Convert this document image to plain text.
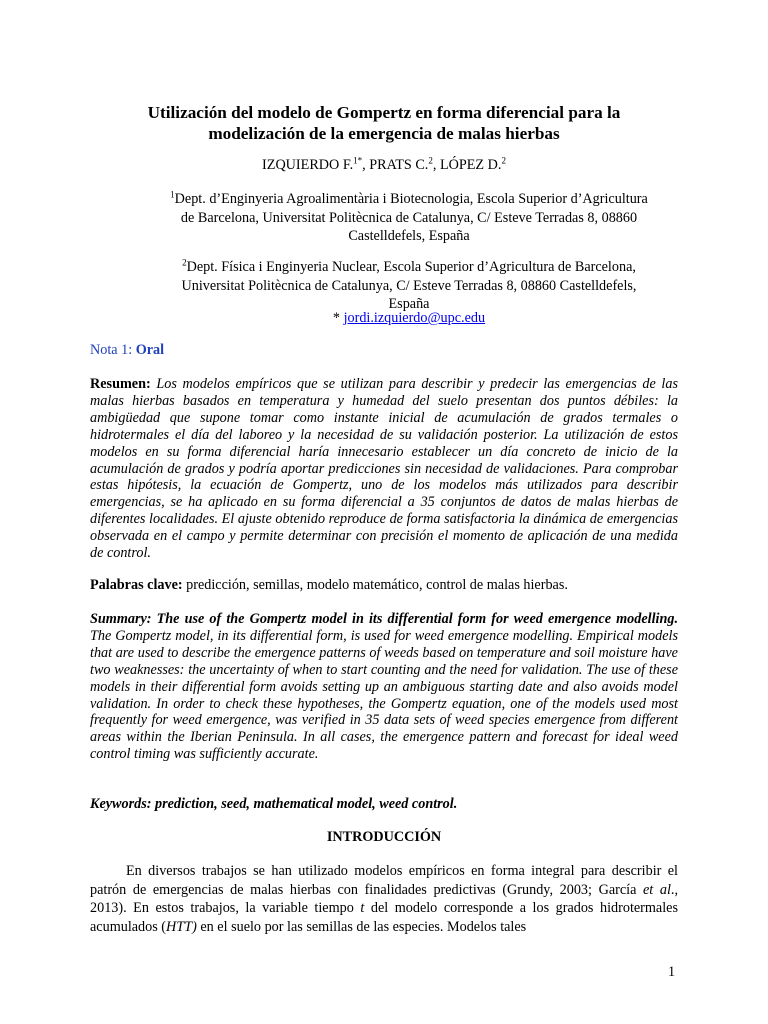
Utilización del modelo de Gompertz en forma diferencial para la
modelización de la emergencia de malas hierbas
IZQUIERDO F.$^{1*}$, PRATS C.$^2$, LÓPEZ D.$^2$
$^1$Dept. d’Enginyeria Agroalimentària i Biotecnologia, Escola Superior d’Agricultura
de Barcelona, Universitat Politècnica de Catalunya, C/ Esteve Terradas 8, 08860
Castelldefels, España
$^2$Dept. Física i Enginyeria Nuclear, Escola Superior d’Agricultura de Barcelona,
Universitat Politècnica de Catalunya, C/ Esteve Terradas 8, 08860 Castelldefels,
España
* jordi.izquierdo@upc.edu
Nota 1: Oral
Resumen: Los modelos empíricos que se utilizan para describir y predecir las emergencias de las malas hierbas basados en temperatura y humedad del suelo presentan dos puntos débiles: la ambigüedad que supone tomar como instante inicial de acumulación de grados termales o hidrotermales el día del laboreo y la necesidad de su validación posterior. La utilización de estos modelos en su forma diferencial haría innecesario establecer un día concreto de inicio de la acumulación de grados y podría aportar predicciones sin necesidad de validaciones. Para comprobar estas hipótesis, la ecuación de Gompertz, uno de los modelos más utilizados para describir emergencias, se ha aplicado en su forma diferencial a 35 conjuntos de datos de malas hierbas de diferentes localidades. El ajuste obtenido reproduce de forma satisfactoria la dinámica de emergencias observada en el campo y permite determinar con precisión el momento de aplicación de una medida de control.
Palabras clave: predicción, semillas, modelo matemático, control de malas hierbas.
Summary: The use of the Gompertz model in its differential form for weed emergence modelling. The Gompertz model, in its differential form, is used for weed emergence modelling. Empirical models that are used to describe the emergence patterns of weeds based on temperature and soil moisture have two weaknesses: the uncertainty of when to start counting and the need for validation. The use of these models in their differential form avoids setting up an ambiguous starting date and also avoids model validation. In order to check these hypotheses, the Gompertz equation, one of the models used most frequently for weed emergence, was verified in 35 data sets of weed species emergence from different areas within the Iberian Peninsula. In all cases, the emergence pattern and forecast for ideal weed control timing was sufficiently accurate.
Keywords: prediction, seed, mathematical model, weed control.
INTRODUCCIÓN
En diversos trabajos se han utilizado modelos empíricos en forma integral para describir el patrón de emergencias de malas hierbas con finalidades predictivas (Grundy, 2003; García et al., 2013). En estos trabajos, la variable tiempo t del modelo corresponde a los grados hidrotermales acumulados (HTT) en el suelo por las semillas de las especies. Modelos tales
1
